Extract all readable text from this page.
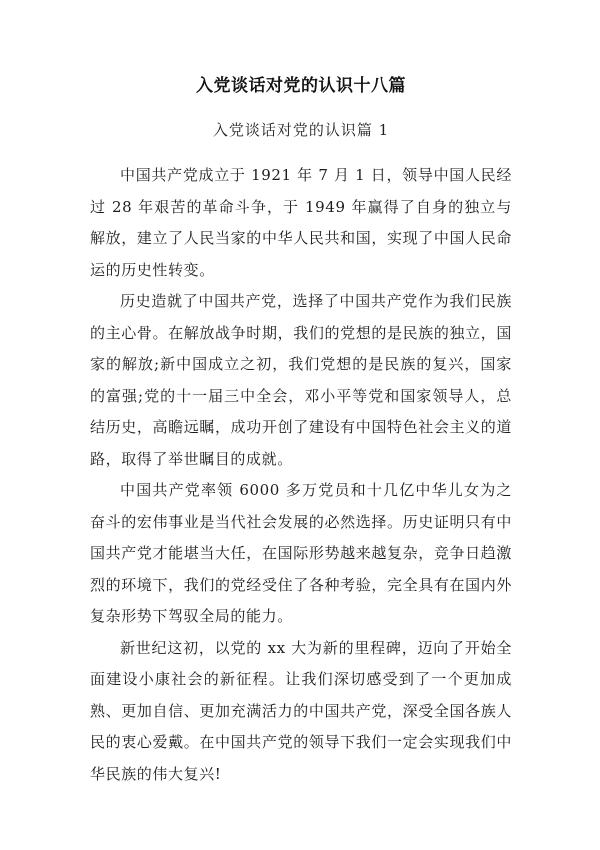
入党谈话对党的认识十八篇
入党谈话对党的认识篇 1

中国共产党成立于 1921 年 7 月 1 日，领导中国人民经过 28 年艰苦的革命斗争，于 1949 年赢得了自身的独立与解放，建立了人民当家的中华人民共和国，实现了中国人民命运的历史性转变。

历史造就了中国共产党，选择了中国共产党作为我们民族的主心骨。在解放战争时期，我们的党想的是民族的独立，国家的解放;新中国成立之初，我们党想的是民族的复兴，国家的富强;党的十一届三中全会，邓小平等党和国家领导人，总结历史，高瞻远瞩，成功开创了建设有中国特色社会主义的道路，取得了举世瞩目的成就。

中国共产党率领 6000 多万党员和十几亿中华儿女为之奋斗的宏伟事业是当代社会发展的必然选择。历史证明只有中国共产党才能堪当大任，在国际形势越来越复杂，竞争日趋激烈的环境下，我们的党经受住了各种考验，完全具有在国内外复杂形势下驾驭全局的能力。

新世纪这初，以党的 xx 大为新的里程碑，迈向了开始全面建设小康社会的新征程。让我们深切感受到了一个更加成熟、更加自信、更加充满活力的中国共产党，深受全国各族人民的衷心爱戴。在中国共产党的领导下我们一定会实现我们中华民族的伟大复兴!
